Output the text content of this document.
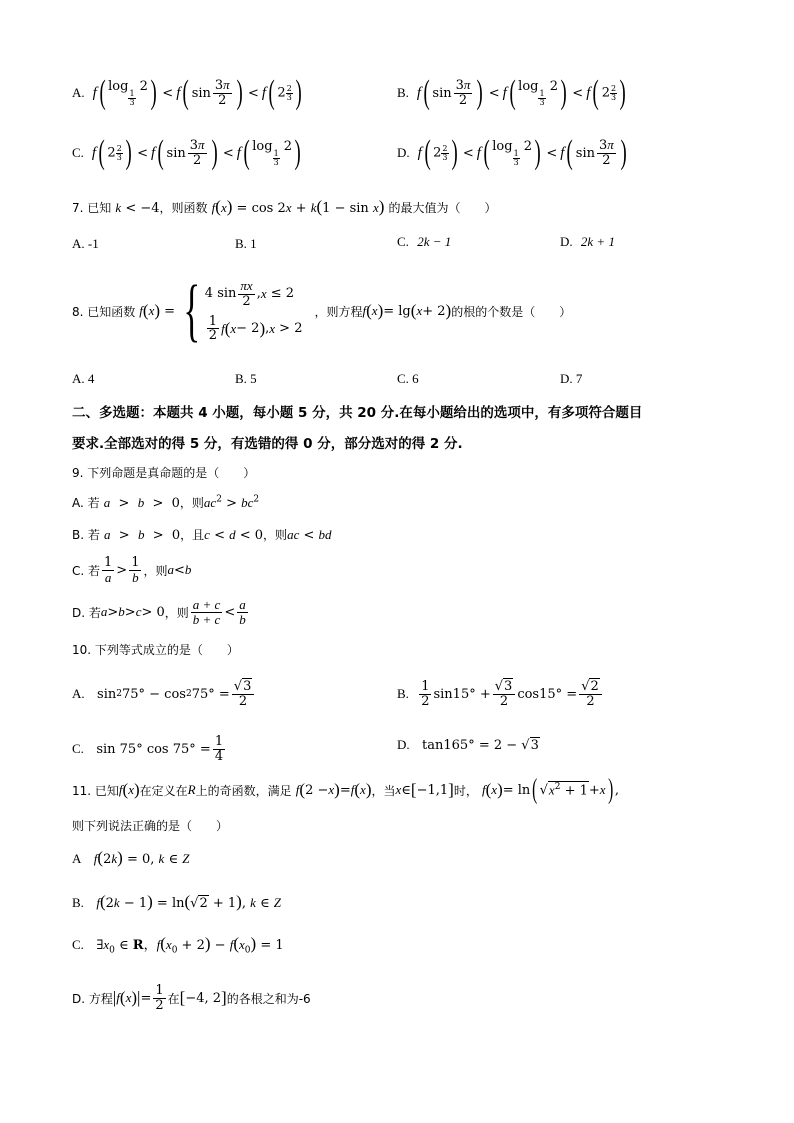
A. f ( log
$_{\frac{1}{3}}$
2 ) < f ( $\sin \frac{3\pi}{2}$ ) < f ( $2 \frac{2}{3}$ )	B. f ( $\sin \frac{3\pi}{2}$ ) < f ( log
$_{\frac{1}{3}}$
2 ) < f ( $2 \frac{2}{3}$ )
C. f ( $2 \frac{2}{3}$ ) < f ( $\sin \frac{3\pi}{2}$ ) < f ( log
$_{\frac{1}{3}}$
2 )	D. f ( $2 \frac{2}{3}$ ) < f ( log
$_{\frac{1}{3}}$
2 ) < f ( $\sin \frac{3\pi}{2}$ )
7. 已知 k < −4，则函数 f(x) = cos 2x + k(1 − sin x) 的最大值为（　　）
A. -1	B. 1	C. 2k − 1	D. 2k + 1
8. 已知函数 f ( x ) = { 4 $\sin \frac{\pi x}{2}$ , x ≤ 2
$\frac{1}{2}$ f ( x − 2 ) , x > 2
，则方程 f ( x ) = lg ( x + 2 ) 的根的个数是（　　）
A. 4	B. 5	C. 6	D. 7
二、多选题：本题共 4 小题，每小题 5 分，共 20 分.在每小题给出的选项中，有多项符合题目
要求.全部选对的得 5 分，有选错的得 0 分，部分选对的得 2 分.
9. 下列命题是真命题的是（　　）
A. 若 a  >  b  >  0，则$ac^2 > bc^2$
B. 若 a  >  b  >  0，且c < d < 0，则ac < bd
C. 若 $\frac{1}{a} > \frac{1}{b}$ ，则 a < b
D. 若 a > b > c > 0 ，则 $\frac{a + c}{b + c} < \frac{a}{b}$
10. 下列等式成立的是（　　）
A. sin 2 75° − cos 2 $75^\circ = \frac{√3}{2}$	B.
$\frac{1}{2} \sin 15^\circ + \frac{√3}{2} \cos 15^\circ = \frac{√2}{2}$
C. sin 75° $\cos 75^\circ = \frac{1}{4}$	D.   tan165° = 2 − √3
11. 已知 f ( x ) 在定义在 R 上的奇函数，满足
f ( 2 − x ) = f ( x ) ，当 x ∈ [ −1,1 ] 时，
f ( x ) = ln ( √ $x^2 + 1 + x$ ) ,
则下列说法正确的是（　　）
A f(2k) = 0, k ∈ Z
B. f(2k − 1) = ln(√2 + 1), k ∈ Z
C.   $\exists x_0$ ∈ R，$f(x_0 + 2) - f(x_0) = 1$
D. 方程 | f ( x ) | = $\frac{1}{2}$ 在 [ −4, 2 ] 的各根之和为-6
